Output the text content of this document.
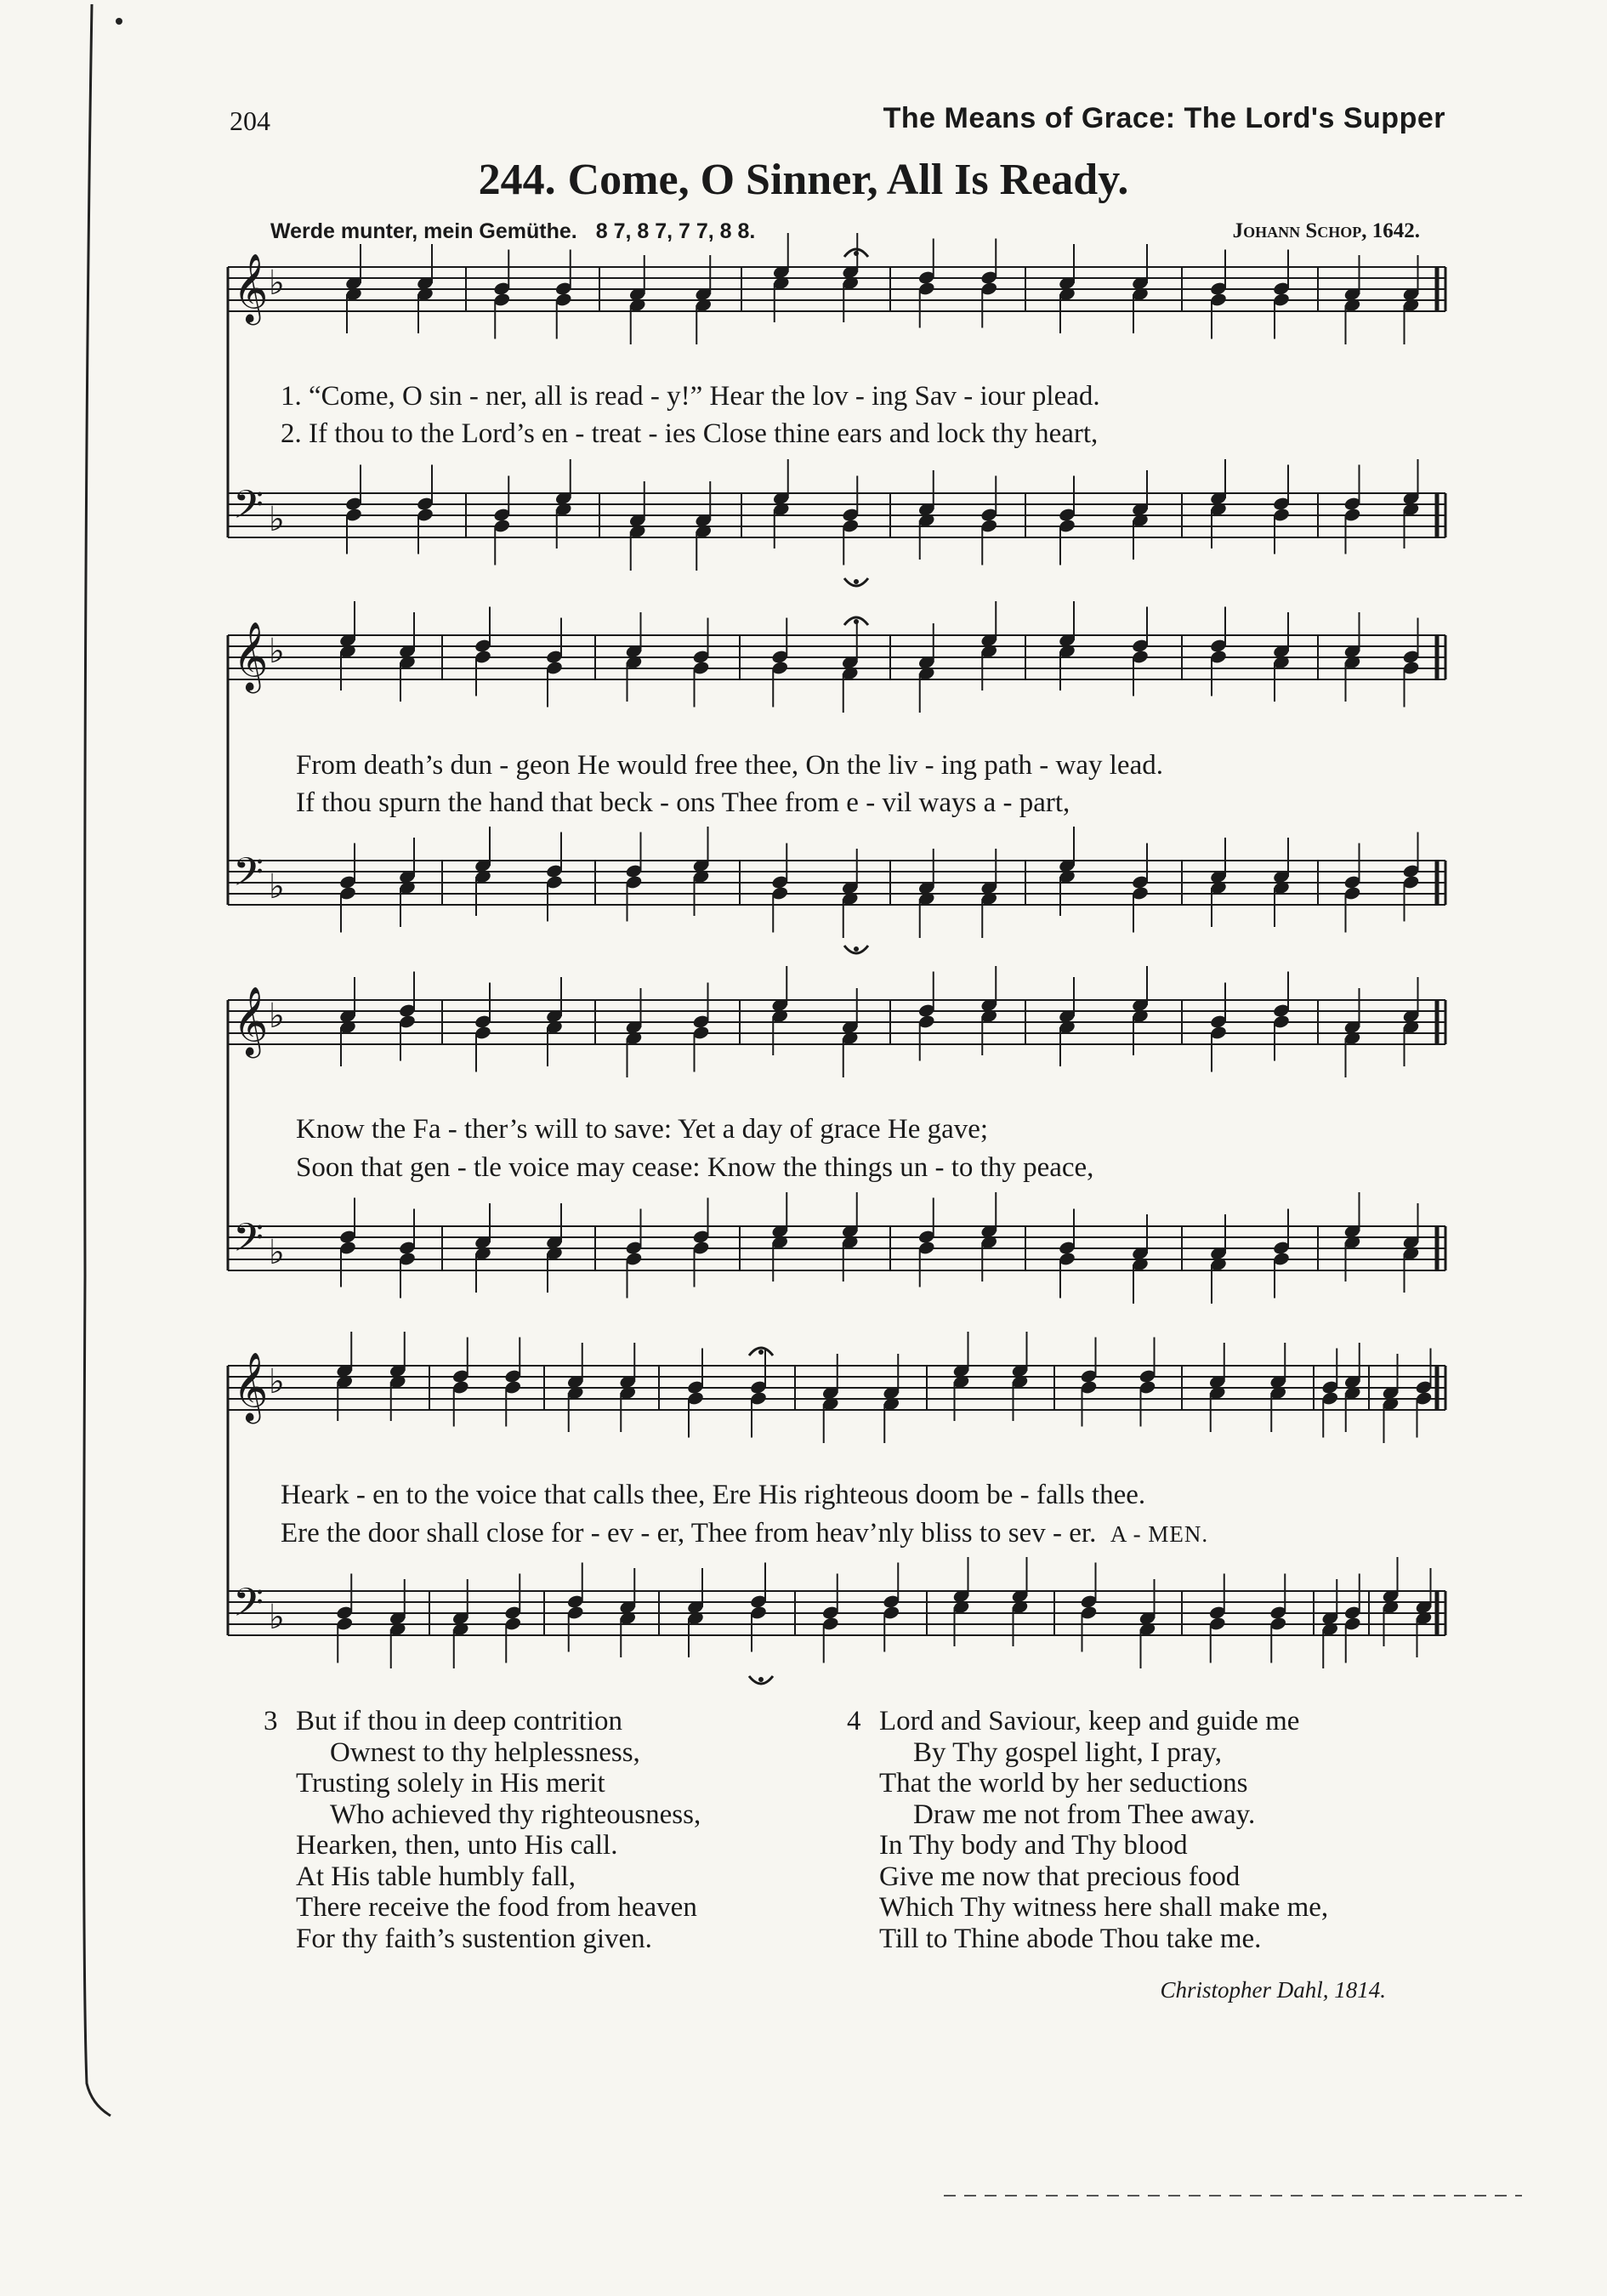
204	The Means of Grace: The Lord's Supper
244. Come, O Sinner, All Is Ready.
Werde munter, mein Gemüthe. 8 7, 8 7, 7 7, 8 8.	Johann Schop, 1642.
𝄞 ♭
𝄢 ♭
𝄞 ♭
𝄢 ♭
𝄞 ♭
𝄢 ♭
𝄞 ♭
𝄢 ♭
1. “Come, O sin - ner, all is read - y!” Hear the lov - ing Sav - iour plead.
2. If thou to the Lord’s en - treat - ies Close thine ears and lock thy heart,
From death’s dun - geon He would free thee, On the liv - ing path - way lead.
If thou spurn the hand that beck - ons Thee from e - vil ways a - part,
Know the Fa - ther’s will to save: Yet a day of grace He gave;
Soon that gen - tle voice may cease: Know the things un - to thy peace,
Heark - en to the voice that calls thee, Ere His righteous doom be - falls thee.
Ere the door shall close for - ev - er, Thee from heav’nly bliss to sev - er. A - MEN.
3 But if thou in deep contrition
Ownest to thy helplessness,
Trusting solely in His merit
Who achieved thy righteousness,
Hearken, then, unto His call.
At His table humbly fall,
There receive the food from heaven
For thy faith’s sustention given.
4 Lord and Saviour, keep and guide me
By Thy gospel light, I pray,
That the world by her seductions
Draw me not from Thee away.
In Thy body and Thy blood
Give me now that precious food
Which Thy witness here shall make me,
Till to Thine abode Thou take me.
Christopher Dahl, 1814.
